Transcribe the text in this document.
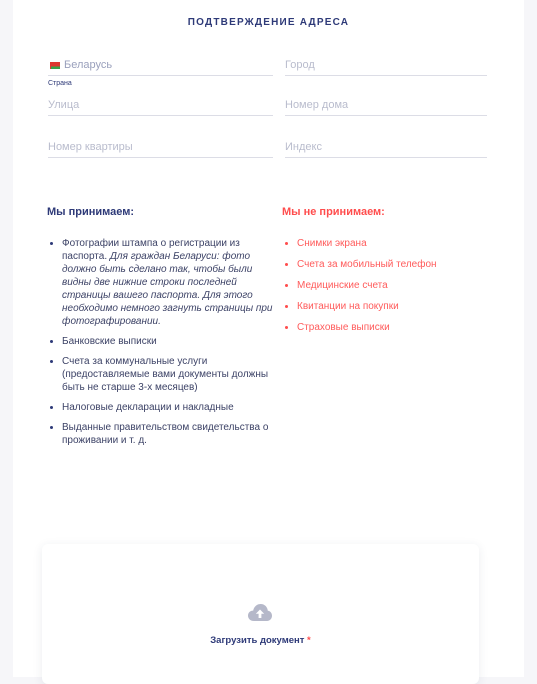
ПОДТВЕРЖДЕНИЕ АДРЕСА
Беларусь
Страна
Город
Улица
Номер дома
Номер квартиры
Индекс
Мы принимаем:
Фотографии штампа о регистрации из паспорта. Для граждан Беларуси: фото должно быть сделано так, чтобы были видны две нижние строки последней страницы вашего паспорта. Для этого необходимо немного загнуть страницы при фотографировании.
Банковские выписки
Счета за коммунальные услуги (предоставляемые вами документы должны быть не старше 3-х месяцев)
Налоговые декларации и накладные
Выданные правительством свидетельства о проживании и т. д.
Мы не принимаем:
Снимки экрана
Счета за мобильный телефон
Медицинские счета
Квитанции на покупки
Страховые выписки
Загрузить документ *
